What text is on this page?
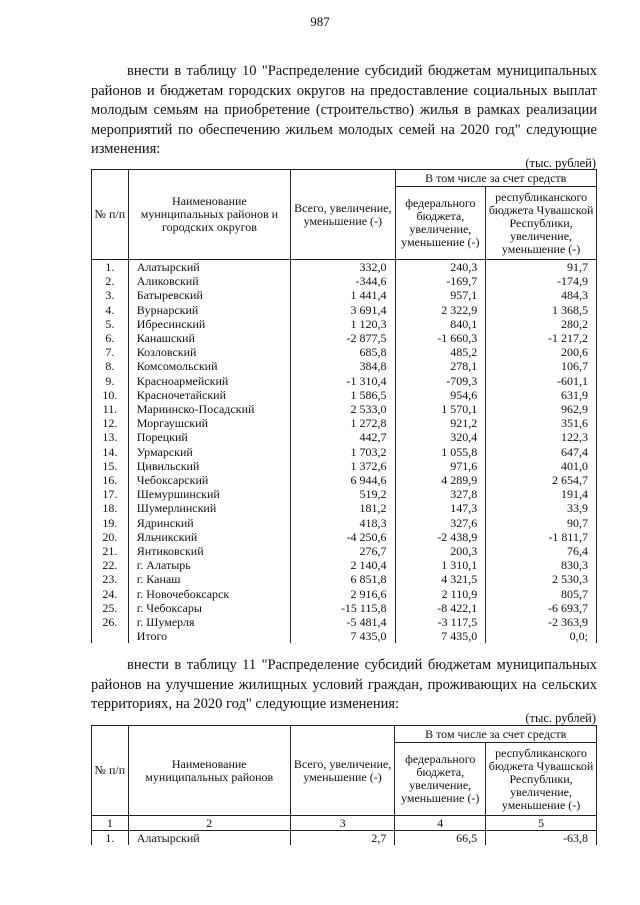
987

внести в таблицу 10 "Распределение субсидий бюджетам муниципальных районов и бюджетам городских округов на предоставление социальных выплат молодым семьям на приобретение (строительство) жилья в рамках реализации мероприятий по обеспечению жильем молодых семей на 2020 год" следующие изменения:

(тыс. рублей)
№ п/п	Наименование муниципальных районов и городских округов	Всего, увеличение, уменьшение (-)	В том числе за счет средств	
			федерального бюджета, увеличение, уменьшение (-)	республиканского бюджета Чувашской Республики, увеличение, уменьшение (-)
1.	Алатырский	332,0	240,3	91,7
2.	Аликовский	-344,6	-169,7	-174,9
3.	Батыревский	1 441,4	957,1	484,3
4.	Вурнарский	3 691,4	2 322,9	1 368,5
5.	Ибресинский	1 120,3	840,1	280,2
6.	Канашский	-2 877,5	-1 660,3	-1 217,2
7.	Козловский	685,8	485,2	200,6
8.	Комсомольский	384,8	278,1	106,7
9.	Красноармейский	-1 310,4	-709,3	-601,1
10.	Красночетайский	1 586,5	954,6	631,9
11.	Мариинско-Посадский	2 533,0	1 570,1	962,9
12.	Моргаушский	1 272,8	921,2	351,6
13.	Порецкий	442,7	320,4	122,3
14.	Урмарский	1 703,2	1 055,8	647,4
15.	Цивильский	1 372,6	971,6	401,0
16.	Чебоксарский	6 944,6	4 289,9	2 654,7
17.	Шемуршинский	519,2	327,8	191,4
18.	Шумерлинский	181,2	147,3	33,9
19.	Ядринский	418,3	327,6	90,7
20.	Яльчикский	-4 250,6	-2 438,9	-1 811,7
21.	Янтиковский	276,7	200,3	76,4
22.	г. Алатырь	2 140,4	1 310,1	830,3
23.	г. Канаш	6 851,8	4 321,5	2 530,3
24.	г. Новочебоксарск	2 916,6	2 110,9	805,7
25.	г. Чебоксары	-15 115,8	-8 422,1	-6 693,7
26.	г. Шумерля	-5 481,4	-3 117,5	-2 363,9
	Итого	7 435,0	7 435,0	0,0;

внести в таблицу 11 "Распределение субсидий бюджетам муниципальных районов на улучшение жилищных условий граждан, проживающих на сельских территориях, на 2020 год" следующие изменения:

(тыс. рублей)
№ п/п	Наименование муниципальных районов	Всего, увеличение, уменьшение (-)	В том числе за счет средств	
			федерального бюджета, увеличение, уменьшение (-)	республиканского бюджета Чувашской Республики, увеличение, уменьшение (-)
1	2	3	4	5
1.	Алатырский	2,7	66,5	-63,8
